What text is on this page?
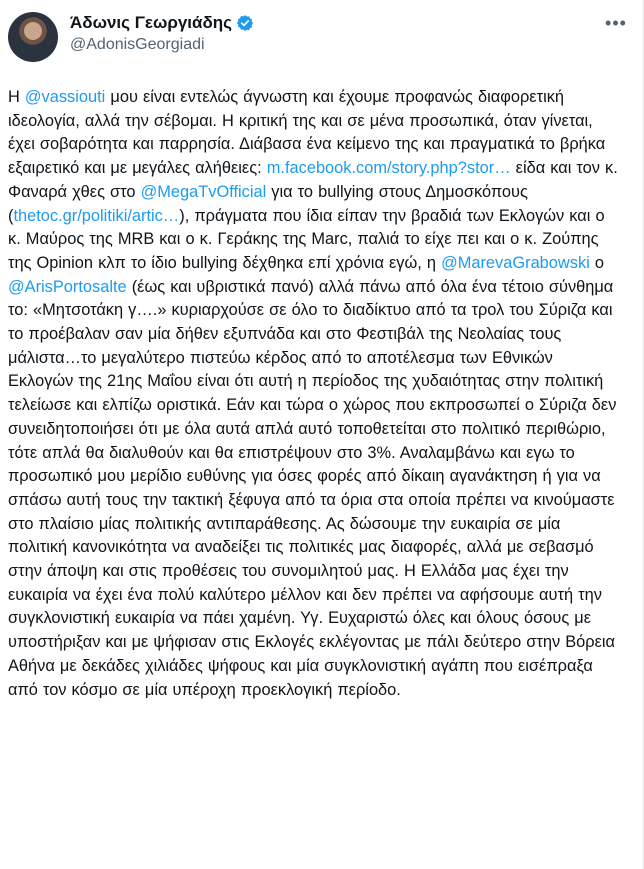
Άδωνις Γεωργιάδης
@AdonisGeorgiadi
•••

Η @vassiouti μου είναι εντελώς άγνωστη και έχουμε προφανώς διαφορετική ιδεολογία, αλλά την σέβομαι. Η κριτική της και σε μένα προσωπικά, όταν γίνεται, έχει σοβαρότητα και παρρησία. Διάβασα ένα κείμενο της και πραγματικά το βρήκα εξαιρετικό και με μεγάλες αλήθειες: m.facebook.com/story.php?stor… είδα και τον κ. Φαναρά χθες στο @MegaTvOfficial για το bullying στους Δημοσκόπους (thetoc.gr/politiki/artic…), πράγματα που ίδια είπαν την βραδιά των Εκλογών και ο κ. Μαύρος της MRB και ο κ. Γεράκης της Marc, παλιά το είχε πει και ο κ. Ζούπης της Opinion κλπ το ίδιο bullying δέχθηκα επί χρόνια εγώ, η @MarevaGrabowski ο @ArisPortosalte (έως και υβριστικά πανό) αλλά πάνω από όλα ένα τέτοιο σύνθημα το: «Μητσοτάκη γ….» κυριαρχούσε σε όλο το διαδίκτυο από τα τρολ του Σύριζα και το προέβαλαν σαν μία δήθεν εξυπνάδα και στο Φεστιβάλ της Νεολαίας τους μάλιστα…το μεγαλύτερο πιστεύω κέρδος από το αποτέλεσμα των Εθνικών Εκλογών της 21ης Μαΐου είναι ότι αυτή η περίοδος της χυδαιότητας στην πολιτική τελείωσε και ελπίζω οριστικά. Εάν και τώρα ο χώρος που εκπροσωπεί ο Σύριζα δεν συνειδητοποιήσει ότι με όλα αυτά απλά αυτό τοποθετείται στο πολιτικό περιθώριο, τότε απλά θα διαλυθούν και θα επιστρέψουν στο 3%. Αναλαμβάνω και εγω το προσωπικό μου μερίδιο ευθύνης για όσες φορές από δίκαιη αγανάκτηση ή για να σπάσω αυτή τους την τακτική ξέφυγα από τα όρια στα οποία πρέπει να κινούμαστε στο πλαίσιο μίας πολιτικής αντιπαράθεσης. Ας δώσουμε την ευκαιρία σε μία πολιτική κανονικότητα να αναδείξει τις πολιτικές μας διαφορές, αλλά με σεβασμό στην άποψη και στις προθέσεις του συνομιλητού μας. Η Ελλάδα μας έχει την ευκαιρία να έχει ένα πολύ καλύτερο μέλλον και δεν πρέπει να αφήσουμε αυτή την συγκλονιστική ευκαιρία να πάει χαμένη. Υγ. Ευχαριστώ όλες και όλους όσους με υποστήριξαν και με ψήφισαν στις Εκλογές εκλέγοντας με πάλι δεύτερο στην Βόρεια Αθήνα με δεκάδες χιλιάδες ψήφους και μία συγκλονιστική αγάπη που εισέπραξα από τον κόσμο σε μία υπέροχη προεκλογική περίοδο.
